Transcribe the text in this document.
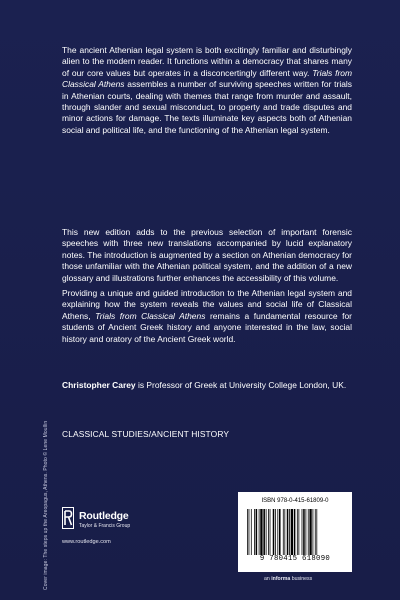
The ancient Athenian legal system is both excitingly familiar and disturbingly alien to the modern reader. It functions within a democracy that shares many of our core values but operates in a disconcertingly different way. Trials from Classical Athens assembles a number of surviving speeches written for trials in Athenian courts, dealing with themes that range from murder and assault, through slander and sexual misconduct, to property and trade disputes and minor actions for damage. The texts illuminate key aspects both of Athenian social and political life, and the functioning of the Athenian legal system.

This new edition adds to the previous selection of important forensic speeches with three new translations accompanied by lucid explanatory notes. The introduction is augmented by a section on Athenian democracy for those unfamiliar with the Athenian political system, and the addition of a new glossary and illustrations further enhances the accessibility of this volume.

Providing a unique and guided introduction to the Athenian legal system and explaining how the system reveals the values and social life of Classical Athens, Trials from Classical Athens remains a fundamental resource for students of Ancient Greek history and anyone interested in the law, social history and oratory of the Ancient Greek world.

Christopher Carey is Professor of Greek at University College London, UK.

CLASSICAL STUDIES/ANCIENT HISTORY
Cover image: The steps up the Areopagus, Athens. Photo © Lene Moullin	Routledge
Taylor & Francis Group
www.routledge.com
ISBN 978-0-415-61809-0
9 780415 618090
an informa business
